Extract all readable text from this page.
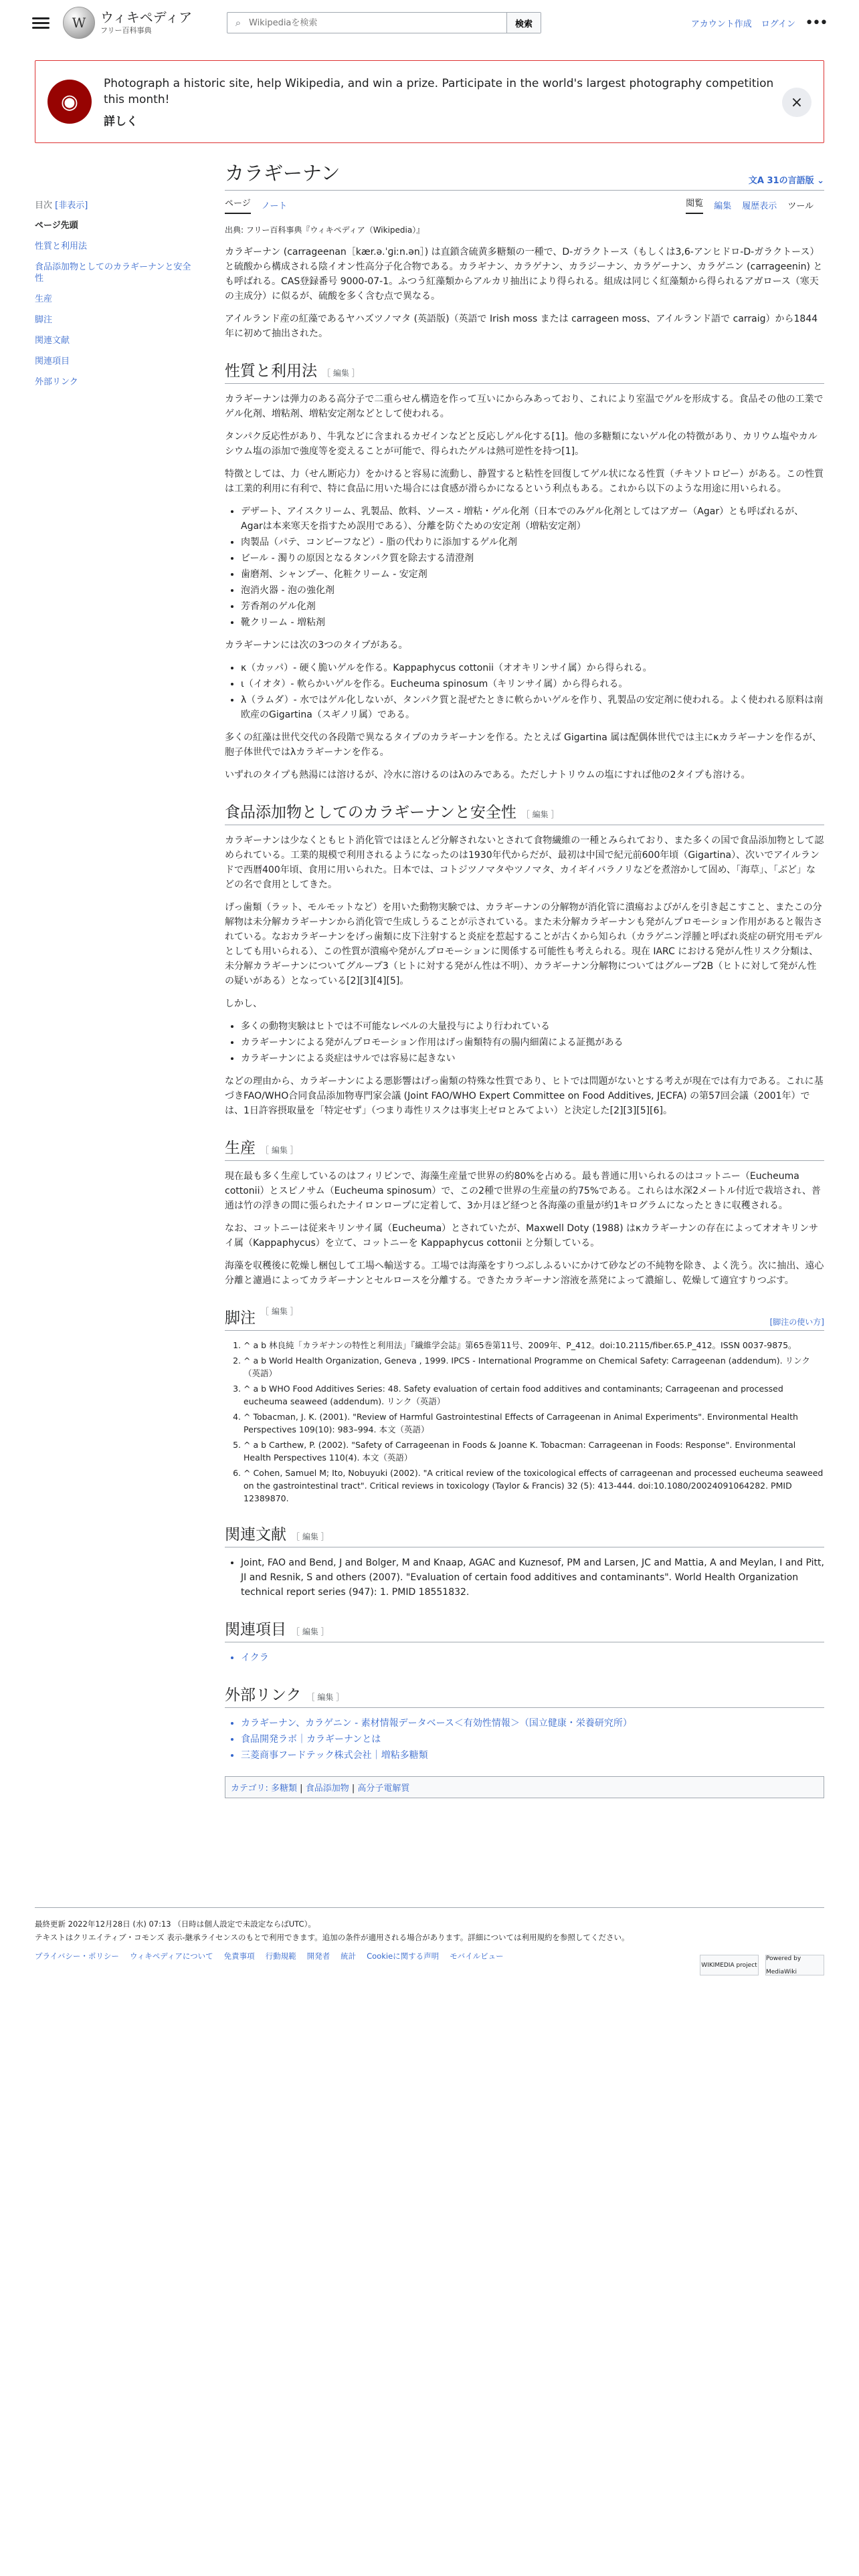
W	ウィキペディア
フリー百科事典
⌕
Wikipediaを検索	検索	アカウント作成 ログイン •••
◉
Photograph a historic site, help Wikipedia, and win a prize. Participate in the world's largest photography competition this month!
詳しく
×
目次 [非表示]
ページ先頭
性質と利用法
食品添加物としてのカラギーナンと安全性
生産
脚注
関連文献
関連項目
外部リンク
カラギーナン	文A 31の言語版 ⌄
ページ ノート	閲覧 編集 履歴表示 ツール
出典: フリー百科事典『ウィキペディア（Wikipedia）』

カラギーナン (carrageenan［kær.ə.ˈɡiːn.ən］) は直鎖含硫黄多糖類の一種で、D-ガラクトース（もしくは3,6-アンヒドロ-D-ガラクトース）と硫酸から構成される陰イオン性高分子化合物である。カラギナン、カラゲナン、カラジーナン、カラゲーナン、カラゲニン (carrageenin) とも呼ばれる。CAS登録番号 9000-07-1。ふつう紅藻類からアルカリ抽出により得られる。組成は同じく紅藻類から得られるアガロース（寒天の主成分）に似るが、硫酸を多く含む点で異なる。

アイルランド産の紅藻であるヤハズツノマタ (英語版)（英語で Irish moss または carrageen moss、アイルランド語で carraig）から1844年に初めて抽出された。

性質と利用法 ［ 編集 ］

カラギーナンは弾力のある高分子で二重らせん構造を作って互いにからみあっており、これにより室温でゲルを形成する。食品その他の工業でゲル化剤、増粘剤、増粘安定剤などとして使われる。

タンパク反応性があり、牛乳などに含まれるカゼインなどと反応しゲル化する[1]。他の多糖類にないゲル化の特徴があり、カリウム塩やカルシウム塩の添加で強度等を変えることが可能で、得られたゲルは熱可逆性を持つ[1]。

特徴としては、力（せん断応力）をかけると容易に流動し、静置すると粘性を回復してゲル状になる性質（チキソトロピー）がある。この性質は工業的利用に有利で、特に食品に用いた場合には食感が滑らかになるという利点もある。これから以下のような用途に用いられる。

• デザート、アイスクリーム、乳製品、飲料、ソース - 増粘・ゲル化剤（日本でのみゲル化剤としてはアガー（Agar）とも呼ばれるが、Agarは本来寒天を指すため誤用である）、分離を防ぐための安定剤（増粘安定剤）
• 肉製品（パテ、コンビーフなど）- 脂の代わりに添加するゲル化剤
• ビール - 濁りの原因となるタンパク質を除去する清澄剤
• 歯磨剤、シャンプー、化粧クリーム - 安定剤
• 泡消火器 - 泡の強化剤
• 芳香剤のゲル化剤
• 靴クリーム - 増粘剤

カラギーナンには次の3つのタイプがある。

• κ（カッパ）- 硬く脆いゲルを作る。Kappaphycus cottonii（オオキリンサイ属）から得られる。
• ι（イオタ）- 軟らかいゲルを作る。Eucheuma spinosum（キリンサイ属）から得られる。
• λ（ラムダ）- 水ではゲル化しないが、タンパク質と混ぜたときに軟らかいゲルを作り、乳製品の安定剤に使われる。よく使われる原料は南欧産のGigartina（スギノリ属）である。

多くの紅藻は世代交代の各段階で異なるタイプのカラギーナンを作る。たとえば Gigartina 属は配偶体世代では主にκカラギーナンを作るが、胞子体世代ではλカラギーナンを作る。

いずれのタイプも熱湯には溶けるが、冷水に溶けるのはλのみである。ただしナトリウムの塩にすれば他の2タイプも溶ける。

食品添加物としてのカラギーナンと安全性 ［ 編集 ］

カラギーナンは少なくともヒト消化管ではほとんど分解されないとされて食物繊維の一種とみられており、また多くの国で食品添加物として認められている。工業的規模で利用されるようになったのは1930年代からだが、最初は中国で紀元前600年頃（Gigartina）、次いでアイルランドで西暦400年頃、食用に用いられた。日本では、コトジツノマタやツノマタ、カイギイバラノリなどを煮溶かして固め、「海草」、「ぶど」などの名で食用としてきた。

げっ歯類（ラット、モルモットなど）を用いた動物実験では、カラギーナンの分解物が消化管に潰瘍およびがんを引き起こすこと、またこの分解物は未分解カラギーナンから消化管で生成しうることが示されている。また未分解カラギーナンも発がんプロモーション作用があると報告されている。なおカラギーナンをげっ歯類に皮下注射すると炎症を惹起することが古くから知られ（カラゲニン浮腫と呼ばれ炎症の研究用モデルとしても用いられる）、この性質が潰瘍や発がんプロモーションに関係する可能性も考えられる。現在 IARC における発がん性リスク分類は、未分解カラギーナンについてグループ3（ヒトに対する発がん性は不明）、カラギーナン分解物についてはグループ2B（ヒトに対して発がん性の疑いがある）となっている[2][3][4][5]。

しかし、

• 多くの動物実験はヒトでは不可能なレベルの大量投与により行われている
• カラギーナンによる発がんプロモーション作用はげっ歯類特有の腸内細菌による証拠がある
• カラギーナンによる炎症はサルでは容易に起きない

などの理由から、カラギーナンによる悪影響はげっ歯類の特殊な性質であり、ヒトでは問題がないとする考えが現在では有力である。これに基づきFAO/WHO合同食品添加物専門家会議 (Joint FAO/WHO Expert Committee on Food Additives, JECFA) の第57回会議（2001年）では、1日許容摂取量を「特定せず」（つまり毒性リスクは事実上ゼロとみてよい）と決定した[2][3][5][6]。

生産 ［ 編集 ］

現在最も多く生産しているのはフィリピンで、海藻生産量で世界の約80%を占める。最も普通に用いられるのはコットニー（Eucheuma cottonii）とスピノサム（Eucheuma spinosum）で、この2種で世界の生産量の約75%である。これらは水深2メートル付近で栽培され、普通は竹の浮きの間に張られたナイロンロープに定着して、3か月ほど経つと各海藻の重量が約1キログラムになったときに収穫される。

なお、コットニーは従来キリンサイ属（Eucheuma）とされていたが、Maxwell Doty (1988) はκカラギーナンの存在によってオオキリンサイ属（Kappaphycus）を立て、コットニーを Kappaphycus cottonii と分類している。

海藻を収穫後に乾燥し梱包して工場へ輸送する。工場では海藻をすりつぶしふるいにかけて砂などの不純物を除き、よく洗う。次に抽出、遠心分離と濾過によってカラギーナンとセルロースを分離する。できたカラギーナン溶液を蒸発によって濃縮し、乾燥して適宜すりつぶす。

脚注 ［ 編集 ］
[脚注の使い方]
1. ^ a b 林良純「カラギナンの特性と利用法」『繊維学会誌』第65巻第11号、2009年、P_412。doi:10.2115/fiber.65.P_412。ISSN 0037-9875。
2. ^ a b World Health Organization, Geneva , 1999. IPCS - International Programme on Chemical Safety: Carrageenan (addendum). リンク（英語）
3. ^ a b WHO Food Additives Series: 48. Safety evaluation of certain food additives and contaminants; Carrageenan and processed eucheuma seaweed (addendum). リンク（英語）
4. ^ Tobacman, J. K. (2001). "Review of Harmful Gastrointestinal Effects of Carrageenan in Animal Experiments". Environmental Health Perspectives 109(10): 983–994. 本文（英語）
5. ^ a b Carthew, P. (2002). "Safety of Carrageenan in Foods & Joanne K. Tobacman: Carrageenan in Foods: Response". Environmental Health Perspectives 110(4). 本文（英語）
6. ^ Cohen, Samuel M; Ito, Nobuyuki (2002). "A critical review of the toxicological effects of carrageenan and processed eucheuma seaweed on the gastrointestinal tract". Critical reviews in toxicology (Taylor & Francis) 32 (5): 413-444. doi:10.1080/20024091064282. PMID 12389870.
関連文献 ［ 編集 ］
• Joint, FAO and Bend, J and Bolger, M and Knaap, AGAC and Kuznesof, PM and Larsen, JC and Mattia, A and Meylan, I and Pitt, JI and Resnik, S and others (2007). "Evaluation of certain food additives and contaminants". World Health Organization technical report series (947): 1. PMID 18551832.
関連項目 ［ 編集 ］
• イクラ
外部リンク ［ 編集 ］
• カラギーナン、カラゲニン - 素材情報データベース＜有効性情報＞（国立健康・栄養研究所）
• 食品開発ラボ｜カラギーナンとは
• 三菱商事フードテック株式会社｜増粘多糖類
カテゴリ: 多糖類 | 食品添加物 | 高分子電解質
最終更新 2022年12月28日 (水) 07:13 （日時は個人設定で未設定ならばUTC）。
テキストはクリエイティブ・コモンズ 表示-継承ライセンスのもとで利用できます。追加の条件が適用される場合があります。詳細については利用規約を参照してください。
プライバシー・ポリシー ウィキペディアについて 免責事項 行動規範 開発者 統計 Cookieに関する声明 モバイルビュー
WIKIMEDIA project
Powered by MediaWiki
